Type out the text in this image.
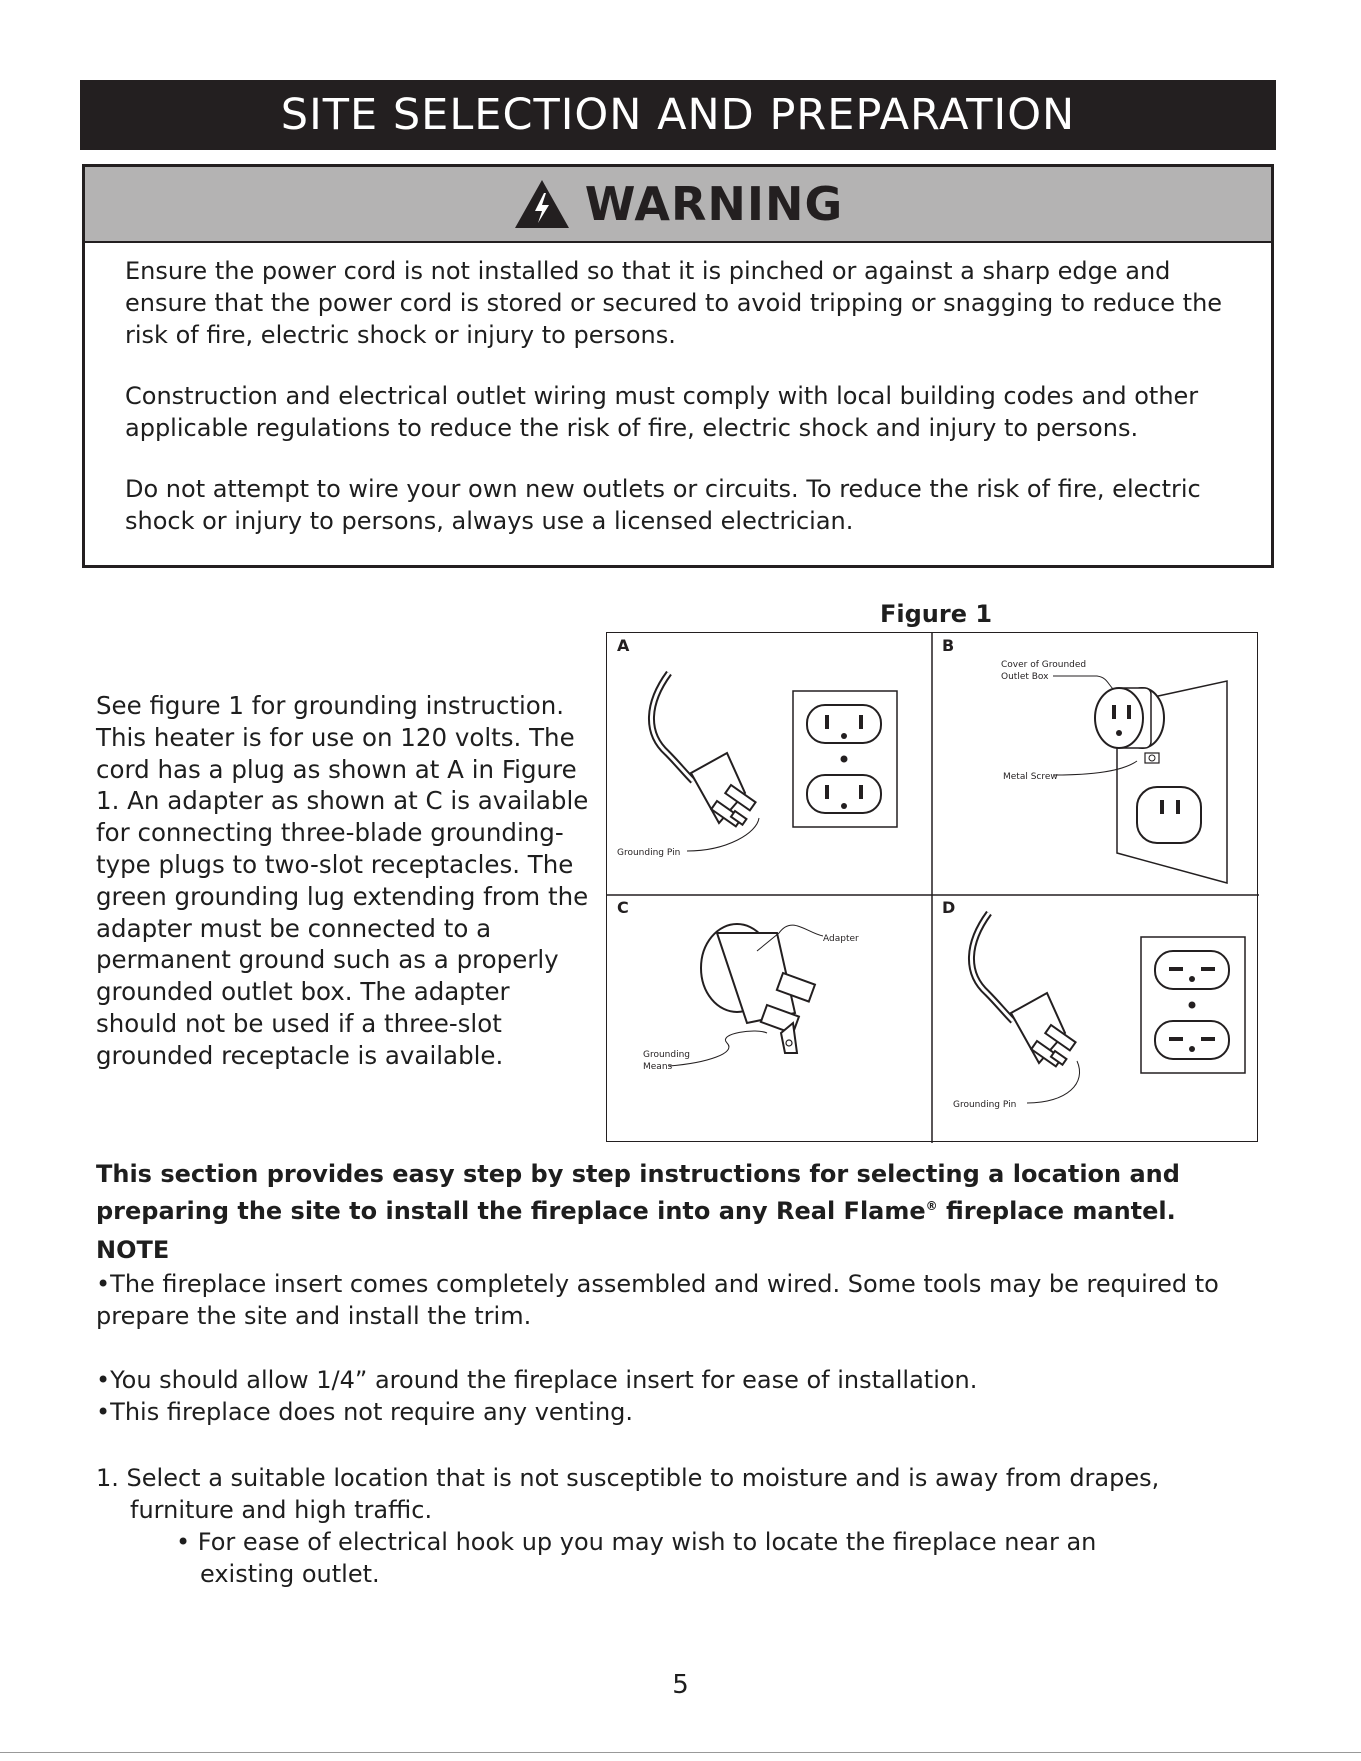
SITE SELECTION AND PREPARATION
WARNING

Ensure the power cord is not installed so that it is pinched or against a sharp edge and ensure that the power cord is stored or secured to avoid tripping or snagging to reduce the risk of fire, electric shock or injury to persons.

Construction and electrical outlet wiring must comply with local building codes and other applicable regulations to reduce the risk of fire, electric shock and injury to persons.

Do not attempt to wire your own new outlets or circuits. To reduce the risk of fire, electric shock or injury to persons, always use a licensed electrician.

See figure 1 for grounding instruction. This heater is for use on 120 volts. The cord has a plug as shown at A in Figure 1. An adapter as shown at C is available for connecting three-blade grounding-type plugs to two-slot receptacles. The green grounding lug extending from the adapter must be connected to a permanent ground such as a properly grounded outlet box. The adapter should not be used if a three-slot grounded receptacle is available.
Figure 1
A
Grounding Pin
B
Cover of Grounded
Outlet Box
Metal Screw
C
Adapter
Grounding
Means
D
Grounding Pin
This section provides easy step by step instructions for selecting a location and preparing the site to install the fireplace into any Real Flame® fireplace mantel.
NOTE

•The fireplace insert comes completely assembled and wired. Some tools may be required to prepare the site and install the trim.

•You should allow 1/4” around the fireplace insert for ease of installation.

•This fireplace does not require any venting.

1. Select a suitable location that is not susceptible to moisture and is away from drapes,
furniture and high traffic.
• For ease of electrical hook up you may wish to locate the fireplace near an
existing outlet.
5
